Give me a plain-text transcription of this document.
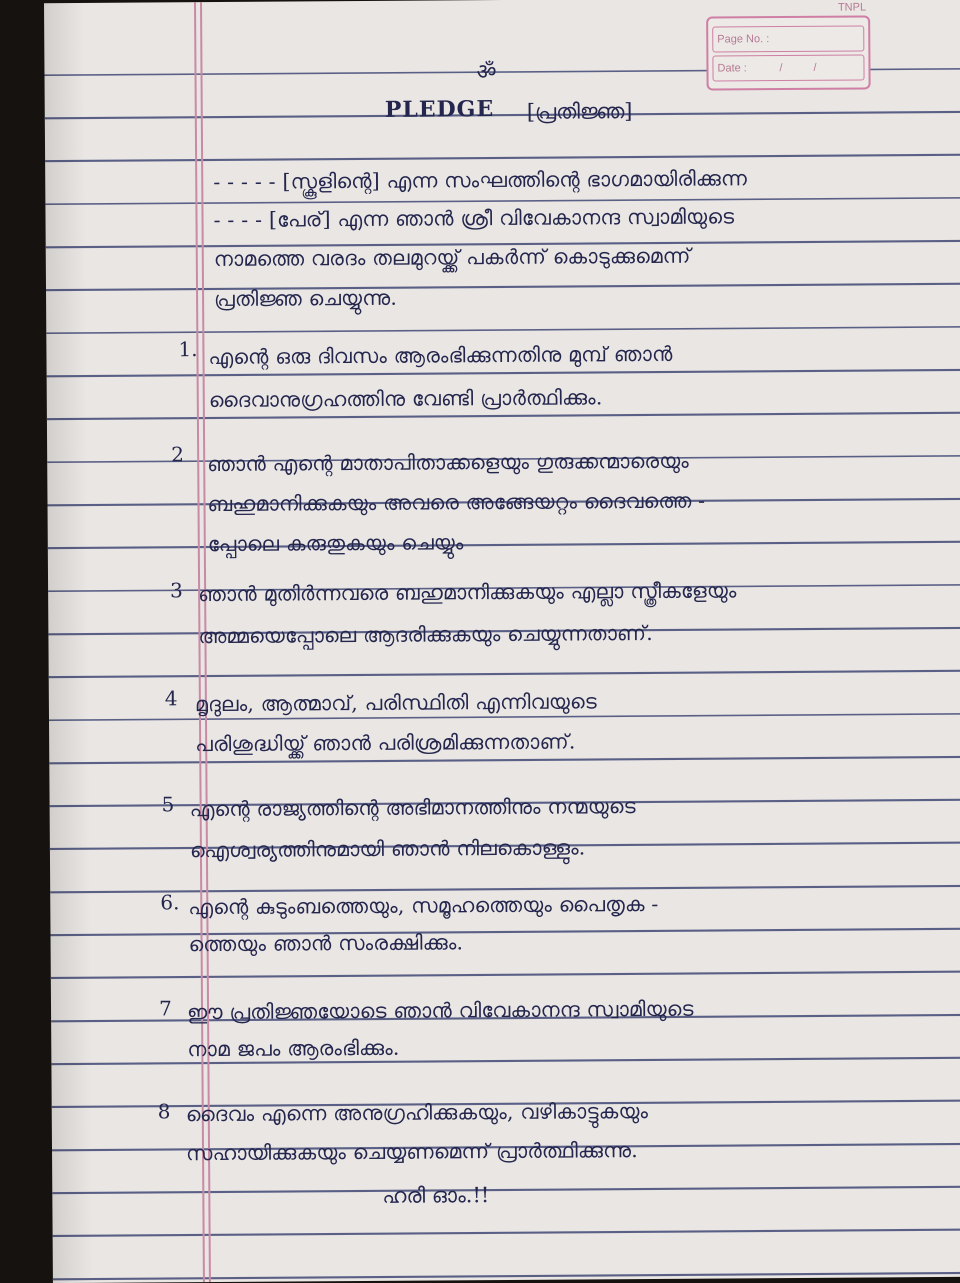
TNPL
Page No. :
Date :	/	/
ॐ
PLEDGE [പ്രതിജ്ഞ]
- - - - - [സ്കൂളിന്റെ] എന്ന സംഘത്തിന്റെ ഭാഗമായിരിക്കുന്ന
- - - - [പേര്] എന്ന ഞാൻ ശ്രീ വിവേകാനന്ദ സ്വാമിയുടെ
നാമത്തെ വരദം തലമുറയ്ക്ക് പകർന്ന് കൊടുക്കുമെന്ന്
പ്രതിജ്ഞ ചെയ്യുന്നു.
1. എന്റെ ഒരു ദിവസം ആരംഭിക്കുന്നതിനു മുമ്പ് ഞാൻ
ദൈവാനുഗ്രഹത്തിനു വേണ്ടി പ്രാർത്ഥിക്കും.
2 ഞാൻ എന്റെ മാതാപിതാക്കളെയും ഗുരുക്കന്മാരെയും
ബഹുമാനിക്കുകയും അവരെ അങ്ങേയറ്റം ദൈവത്തെ -
പ്പോലെ കരുതുകയും ചെയ്യും
3 ഞാൻ മുതിർന്നവരെ ബഹുമാനിക്കുകയും എല്ലാ സ്ത്രീകളേയും
അമ്മയെപ്പോലെ ആദരിക്കുകയും ചെയ്യുന്നതാണ്.
4 മൃദുലം, ആത്മാവ്, പരിസ്ഥിതി എന്നിവയുടെ
പരിശുദ്ധിയ്ക്ക് ഞാൻ പരിശ്രമിക്കുന്നതാണ്.
5 എന്റെ രാജ്യത്തിന്റെ അഭിമാനത്തിനും നന്മയുടെ
ഐശ്വര്യത്തിനുമായി ഞാൻ നിലകൊള്ളും.
6. എന്റെ കുടുംബത്തെയും, സമൂഹത്തെയും പൈതൃക -
ത്തെയും ഞാൻ സംരക്ഷിക്കും.
7 ഈ പ്രതിജ്ഞയോടെ ഞാൻ വിവേകാനന്ദ സ്വാമിയുടെ
നാമ ജപം ആരംഭിക്കും.
8 ദൈവം എന്നെ അനുഗ്രഹിക്കുകയും, വഴികാട്ടുകയും
സഹായിക്കുകയും ചെയ്യണമെന്ന് പ്രാർത്ഥിക്കുന്നു.
ഹരി ഓം.!!
